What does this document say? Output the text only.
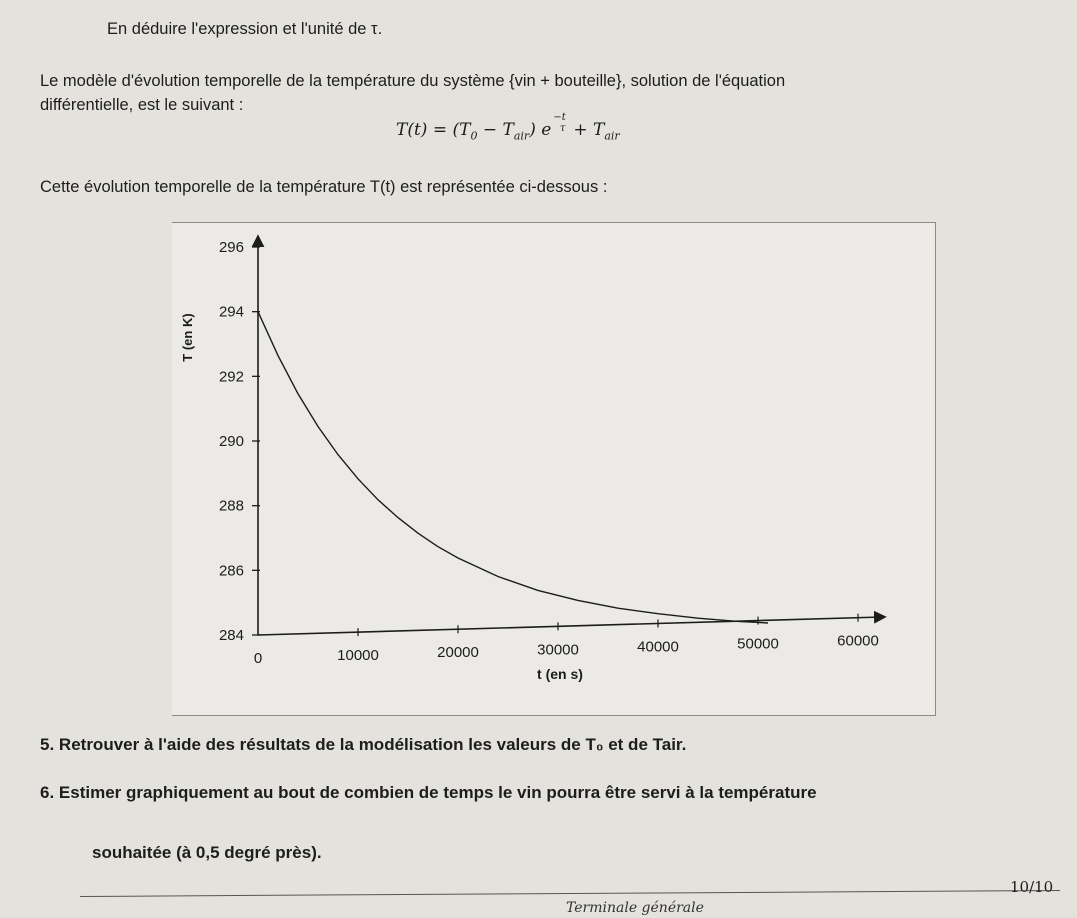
En déduire l'expression et l'unité de τ.
Le modèle d'évolution temporelle de la température du système {vin + bouteille}, solution de l'équation
différentielle, est le suivant :
$T(t) = (T_0 - T_{air})$ e
−t
$\tau + T_{air}$
Cette évolution temporelle de la température T(t) est représentée ci-dessous :
284
286
288
290
292
294
296
0	10000	20000	30000	40000	50000	60000
t (en s)
T (en K)
5. Retrouver à l'aide des résultats de la modélisation les valeurs de T₀ et de Tair.
6. Estimer graphiquement au bout de combien de temps le vin pourra être servi à la température
souhaitée (à 0,5 degré près).
10/10
Terminale générale
